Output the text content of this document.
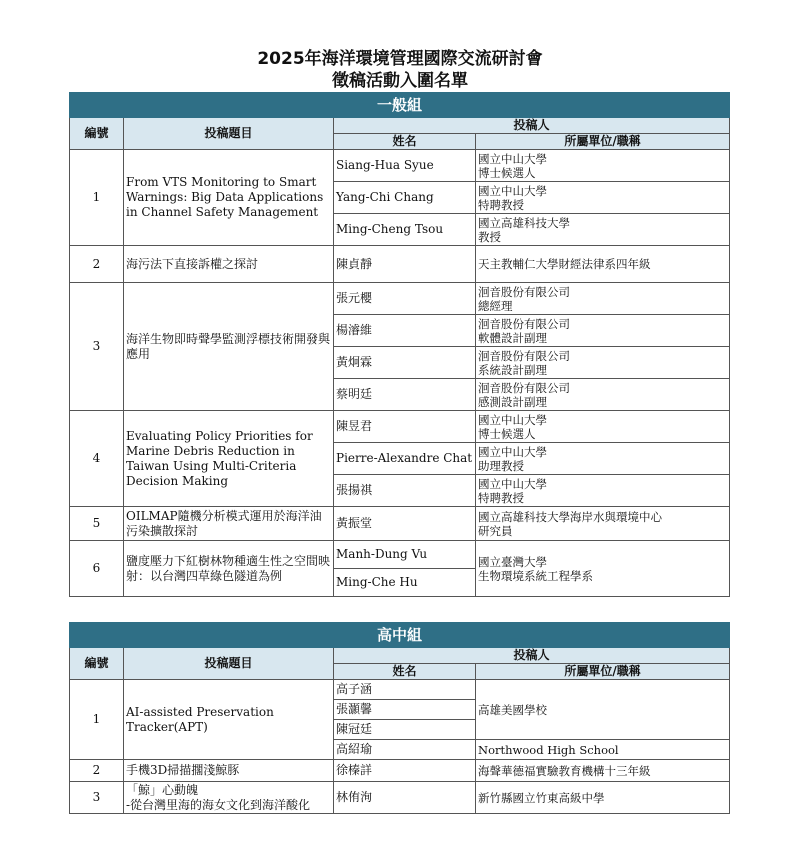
2025年海洋環境管理國際交流研討會
徵稿活動入圍名單
一般組			
編號	投稿題目	投稿人	
		姓名	所屬單位/職稱
1	From VTS Monitoring to Smart Warnings: Big Data Applications in Channel Safety Management	Siang-Hua Syue	國立中山大學
博士候選人
		Yang-Chi Chang	國立中山大學
特聘教授
		Ming-Cheng Tsou	國立高雄科技大學
教授
2	海污法下直接訴權之探討	陳貞靜	天主教輔仁大學財經法律系四年級
3	海洋生物即時聲學監測浮標技術開發與應用	張元櫻	洄音股份有限公司
總經理
		楊濬維	洄音股份有限公司
軟體設計副理
		黃炯霖	洄音股份有限公司
系統設計副理
		蔡明廷	洄音股份有限公司
感測設計副理
4	Evaluating Policy Priorities for Marine Debris Reduction in Taiwan Using Multi-Criteria Decision Making	陳昱君	國立中山大學
博士候選人
		Pierre-Alexandre Chat	國立中山大學
助理教授
		張揚祺	國立中山大學
特聘教授
5	OILMAP隨機分析模式運用於海洋油污染擴散探討	黃振堂	國立高雄科技大學海岸水與環境中心
研究員
6	鹽度壓力下紅樹林物種適生性之空間映射：以台灣四草綠色隧道為例	Manh-Dung Vu	國立臺灣大學
生物環境系統工程學系
		Ming-Che Hu	
高中組			
編號	投稿題目	投稿人	
		姓名	所屬單位/職稱
1	AI-assisted Preservation Tracker(APT)	高子涵	高雄美國學校
		張灝馨	
		陳冠廷	
		高紹瑜	Northwood High School
2	手機3D掃描擱淺鯨豚	徐榛詳	海聲華德福實驗教育機構十三年級
3	「鯨」心動魄
-從台灣里海的海女文化到海洋酸化	林侑洵	新竹縣國立竹東高級中學
